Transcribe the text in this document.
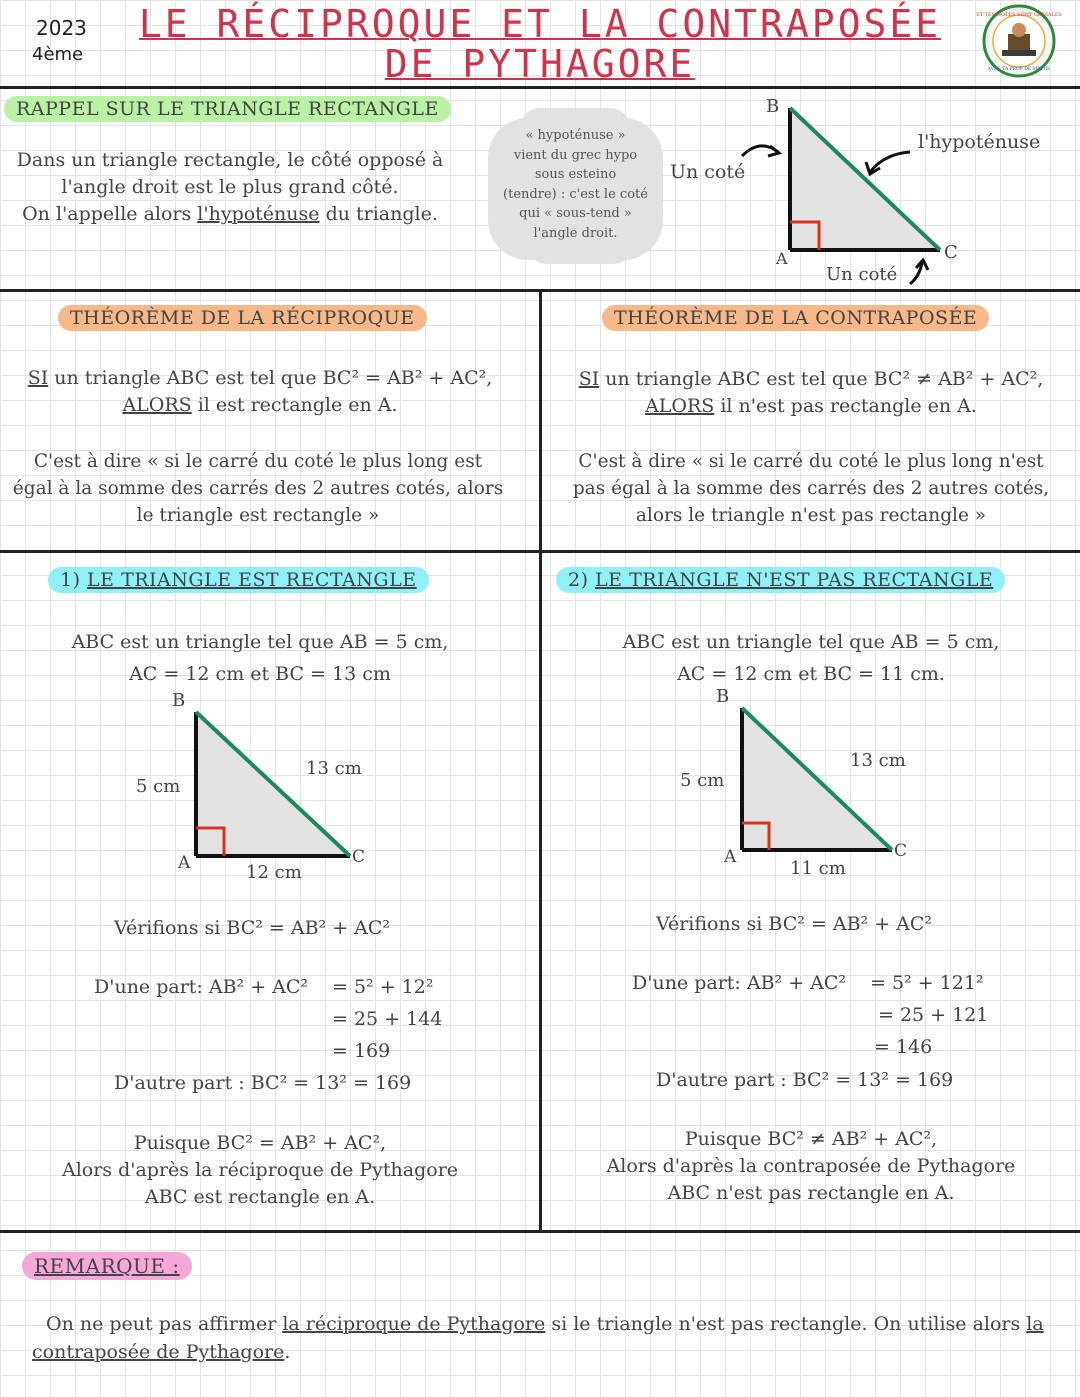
2023
4ème
LE RÉCIPROQUE ET LA CONTRAPOSÉE
DE PYTHAGORE
ET TES NOTES SONT GÉNIALES
AVEC TA PROF DE MATHS
RAPPEL SUR LE TRIANGLE RECTANGLE
Dans un triangle rectangle, le côté opposé à
l'angle droit est le plus grand côté.
On l'appelle alors l'hypoténuse du triangle.
« hypoténuse »
vient du grec hypo
sous esteino
(tendre) : c'est le coté
qui « sous-tend »
l'angle droit.
B
A	C
Un coté
Un coté
l'hypoténuse
THÉORÈME DE LA RÉCIPROQUE
SI un triangle ABC est tel que BC² = AB² + AC²,
ALORS il est rectangle en A.
C'est à dire « si le carré du coté le plus long est
égal à la somme des carrés des 2 autres cotés, alors
le triangle est rectangle »
THÉORÈME DE LA CONTRAPOSÉE
SI un triangle ABC est tel que BC² ≠ AB² + AC²,
ALORS il n'est pas rectangle en A.
C'est à dire « si le carré du coté le plus long n'est
pas égal à la somme des carrés des 2 autres cotés,
alors le triangle n'est pas rectangle »
1) LE TRIANGLE EST RECTANGLE
ABC est un triangle tel que AB = 5 cm,
AC = 12 cm et BC = 13 cm
B
A	C
5 cm
13 cm
12 cm
Vérifions si BC² = AB² + AC²
D'une part: AB² + AC² = 5² + 12²
= 25 + 144
= 169
D'autre part : BC² = 13² = 169
Puisque BC² = AB² + AC²,
Alors d'après la réciproque de Pythagore
ABC est rectangle en A.
2) LE TRIANGLE N'EST PAS RECTANGLE
ABC est un triangle tel que AB = 5 cm,
AC = 12 cm et BC = 11 cm.
B
A	C
5 cm
13 cm
11 cm
Vérifions si BC² = AB² + AC²
D'une part: AB² + AC² = 5² + 121²
= 25 + 121
= 146
D'autre part : BC² = 13² = 169
Puisque BC² ≠ AB² + AC²,
Alors d'après la contraposée de Pythagore
ABC n'est pas rectangle en A.
REMARQUE :
On ne peut pas affirmer la réciproque de Pythagore si le triangle n'est pas rectangle. On utilise alors la
contraposée de Pythagore.
